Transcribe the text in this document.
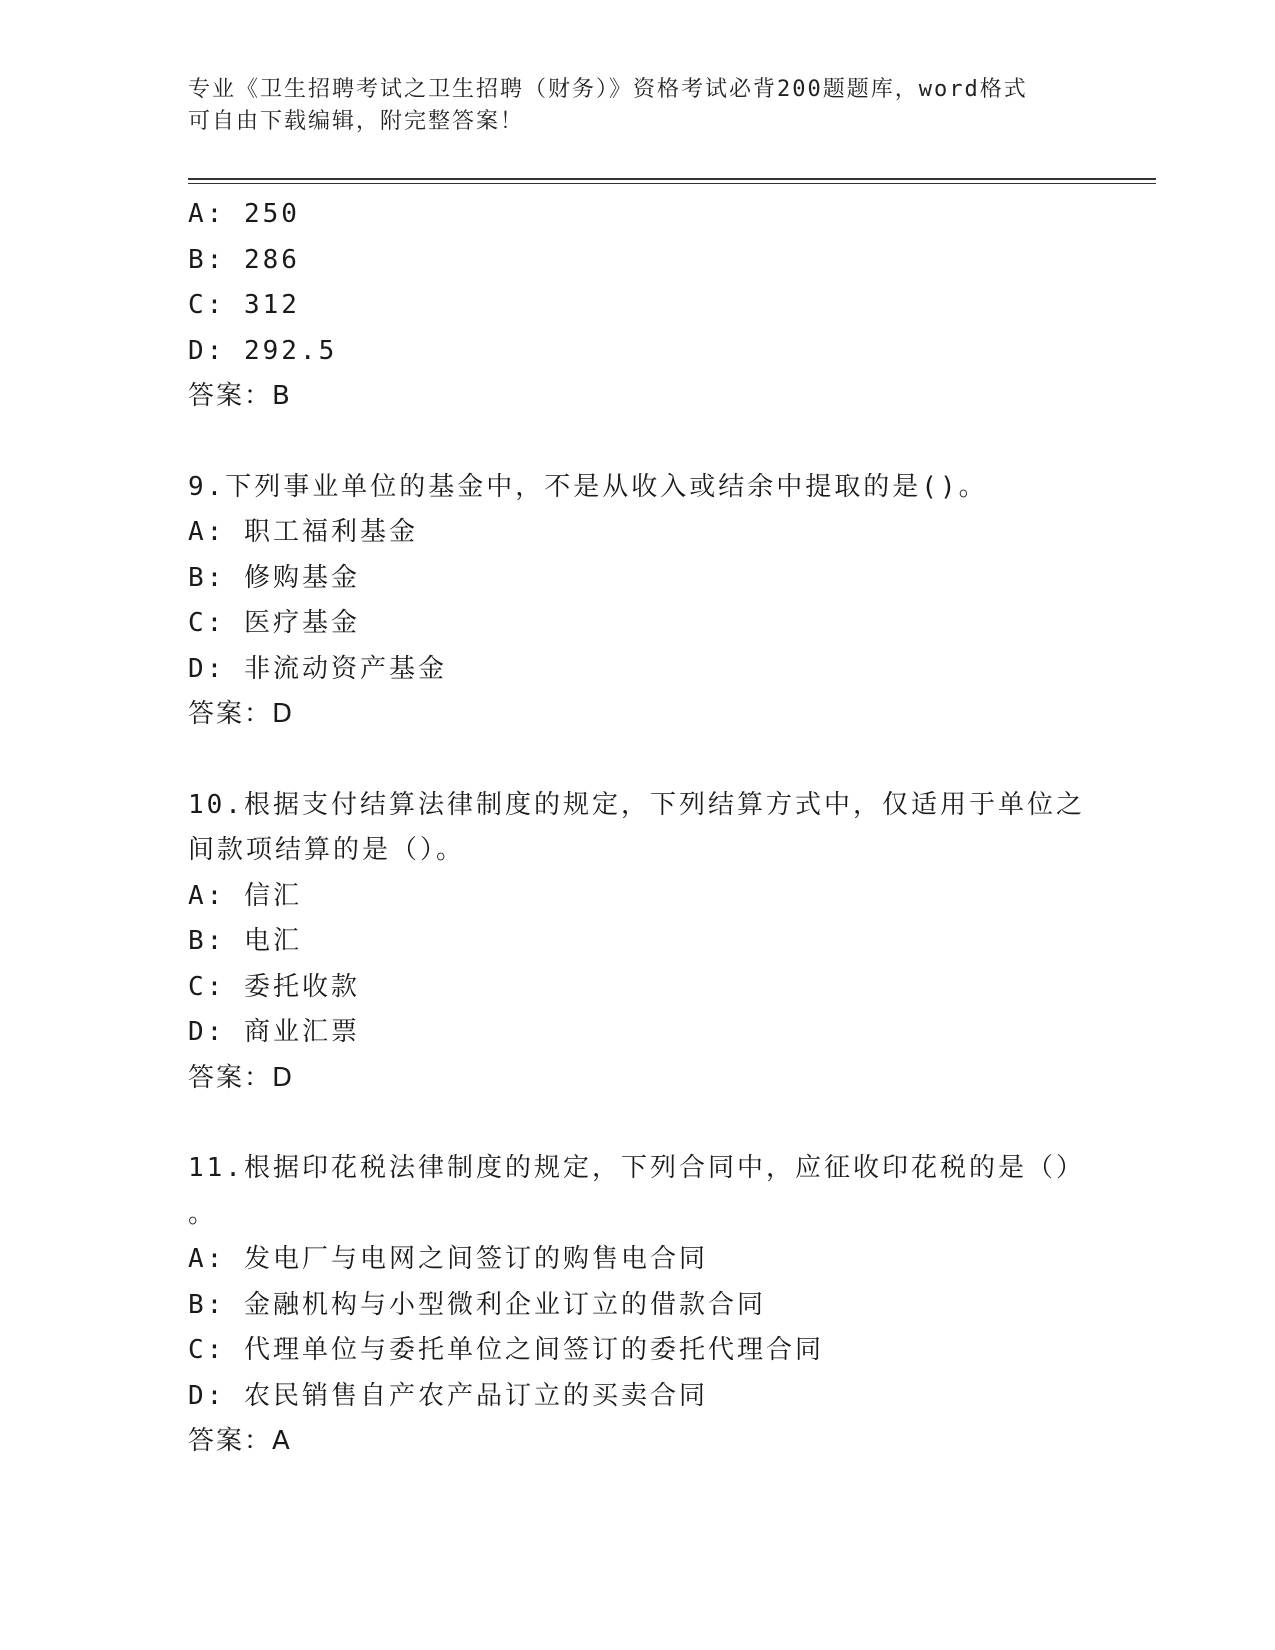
专业《卫生招聘考试之卫生招聘（财务）》资格考试必背200题题库，word格式
可自由下载编辑，附完整答案！
A: 250
B: 286
C: 312
D: 292.5
答案：B
9.下列事业单位的基金中，不是从收入或结余中提取的是()。
A: 职工福利基金
B: 修购基金
C: 医疗基金
D: 非流动资产基金
答案：D
10.根据支付结算法律制度的规定，下列结算方式中，仅适用于单位之
间款项结算的是（）。
A: 信汇
B: 电汇
C: 委托收款
D: 商业汇票
答案：D
11.根据印花税法律制度的规定，下列合同中，应征收印花税的是（）
。
A: 发电厂与电网之间签订的购售电合同
B: 金融机构与小型微利企业订立的借款合同
C: 代理单位与委托单位之间签订的委托代理合同
D: 农民销售自产农产品订立的买卖合同
答案：A
